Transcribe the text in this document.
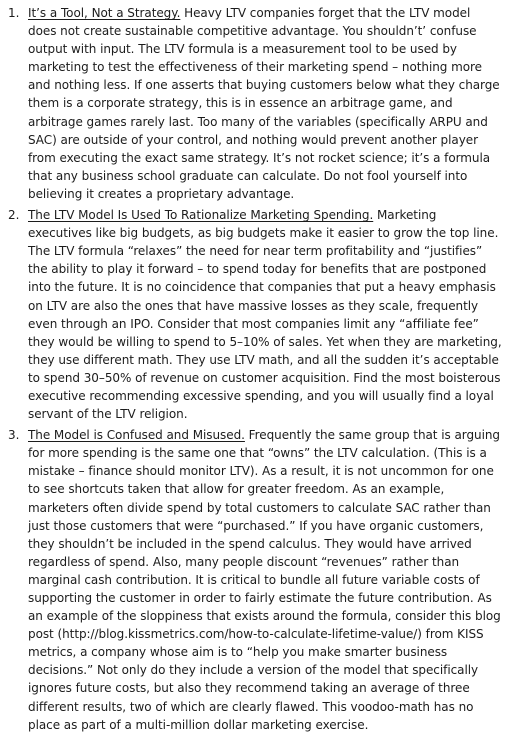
1. It’s a Tool, Not a Strategy. Heavy LTV companies forget that the LTV model does not create sustainable competitive advantage. You shouldn’t’ confuse output with input. The LTV formula is a measurement tool to be used by marketing to test the effectiveness of their marketing spend – nothing more and nothing less. If one asserts that buying customers below what they charge them is a corporate strategy, this is in essence an arbitrage game, and arbitrage games rarely last. Too many of the variables (specifically ARPU and SAC) are outside of your control, and nothing would prevent another player from executing the exact same strategy. It’s not rocket science; it’s a formula that any business school graduate can calculate. Do not fool yourself into believing it creates a proprietary advantage.
2. The LTV Model Is Used To Rationalize Marketing Spending. Marketing executives like big budgets, as big budgets make it easier to grow the top line. The LTV formula “relaxes” the need for near term profitability and “justifies” the ability to play it forward – to spend today for benefits that are postponed into the future. It is no coincidence that companies that put a heavy emphasis on LTV are also the ones that have massive losses as they scale, frequently even through an IPO. Consider that most companies limit any “affiliate fee” they would be willing to spend to 5–10% of sales. Yet when they are marketing, they use different math. They use LTV math, and all the sudden it’s acceptable to spend 30–50% of revenue on customer acquisition. Find the most boisterous executive recommending excessive spending, and you will usually find a loyal servant of the LTV religion.
3. The Model is Confused and Misused. Frequently the same group that is arguing for more spending is the same one that “owns” the LTV calculation. (This is a mistake – finance should monitor LTV). As a result, it is not uncommon for one to see shortcuts taken that allow for greater freedom. As an example, marketers often divide spend by total customers to calculate SAC rather than just those customers that were “purchased.” If you have organic customers, they shouldn’t be included in the spend calculus. They would have arrived regardless of spend. Also, many people discount “revenues” rather than marginal cash contribution. It is critical to bundle all future variable costs of supporting the customer in order to fairly estimate the future contribution. As an example of the sloppiness that exists around the formula, consider this blog post (http://blog.kissmetrics.com/how-to-calculate-lifetime-value/) from KISS metrics, a company whose aim is to “help you make smarter business decisions.” Not only do they include a version of the model that specifically ignores future costs, but also they recommend taking an average of three different results, two of which are clearly flawed. This voodoo-math has no place as part of a multi-million dollar marketing exercise.
